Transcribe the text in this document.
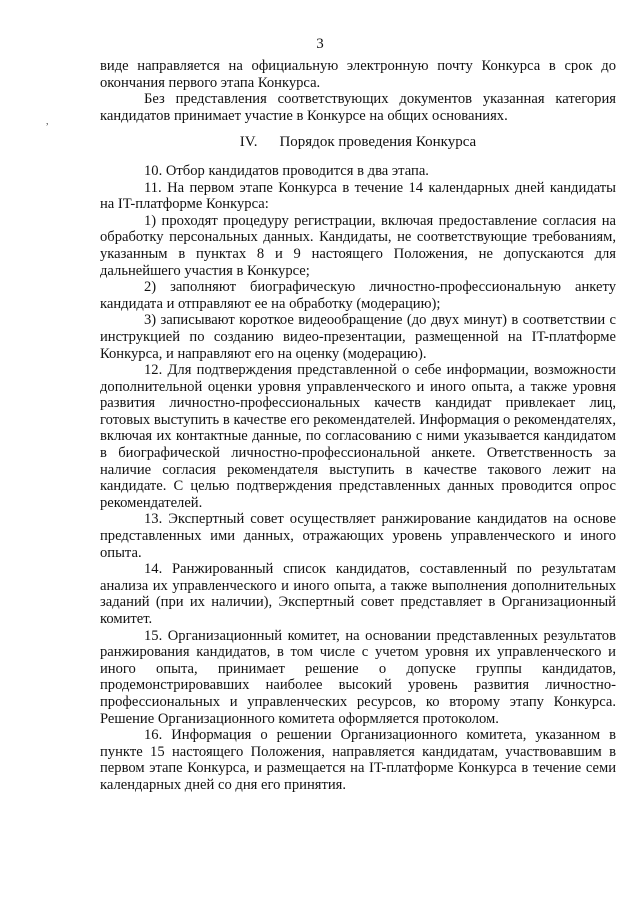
3
,

виде направляется на официальную электронную почту Конкурса в срок до окончания первого этапа Конкурса.

Без представления соответствующих документов указанная категория кандидатов принимает участие в Конкурсе на общих основаниях.

IV. Порядок проведения Конкурса

10. Отбор кандидатов проводится в два этапа.

11. На первом этапе Конкурса в течение 14 календарных дней кандидаты на IT-платформе Конкурса:

1) проходят процедуру регистрации, включая предоставление согласия на обработку персональных данных. Кандидаты, не соответствующие требованиям, указанным в пунктах 8 и 9 настоящего Положения, не допускаются для дальнейшего участия в Конкурсе;

2) заполняют биографическую личностно-профессиональную анкету кандидата и отправляют ее на обработку (модерацию);

3) записывают короткое видеообращение (до двух минут) в соответствии с инструкцией по созданию видео-презентации, размещенной на IT-платформе Конкурса, и направляют его на оценку (модерацию).

12. Для подтверждения представленной о себе информации, возможности дополнительной оценки уровня управленческого и иного опыта, а также уровня развития личностно-профессиональных качеств кандидат привлекает лиц, готовых выступить в качестве его рекомендателей. Информация о рекомендателях, включая их контактные данные, по согласованию с ними указывается кандидатом в биографической личностно-профессиональной анкете. Ответственность за наличие согласия рекомендателя выступить в качестве такового лежит на кандидате. С целью подтверждения представленных данных проводится опрос рекомендателей.

13. Экспертный совет осуществляет ранжирование кандидатов на основе представленных ими данных, отражающих уровень управленческого и иного опыта.

14. Ранжированный список кандидатов, составленный по результатам анализа их управленческого и иного опыта, а также выполнения дополнительных заданий (при их наличии), Экспертный совет представляет в Организационный комитет.

15. Организационный комитет, на основании представленных результатов ранжирования кандидатов, в том числе с учетом уровня их управленческого и иного опыта, принимает решение о допуске группы кандидатов, продемонстрировавших наиболее высокий уровень развития личностно-профессиональных и управленческих ресурсов, ко второму этапу Конкурса. Решение Организационного комитета оформляется протоколом.

16. Информация о решении Организационного комитета, указанном в пункте 15 настоящего Положения, направляется кандидатам, участвовавшим в первом этапе Конкурса, и размещается на IT-платформе Конкурса в течение семи календарных дней со дня его принятия.
